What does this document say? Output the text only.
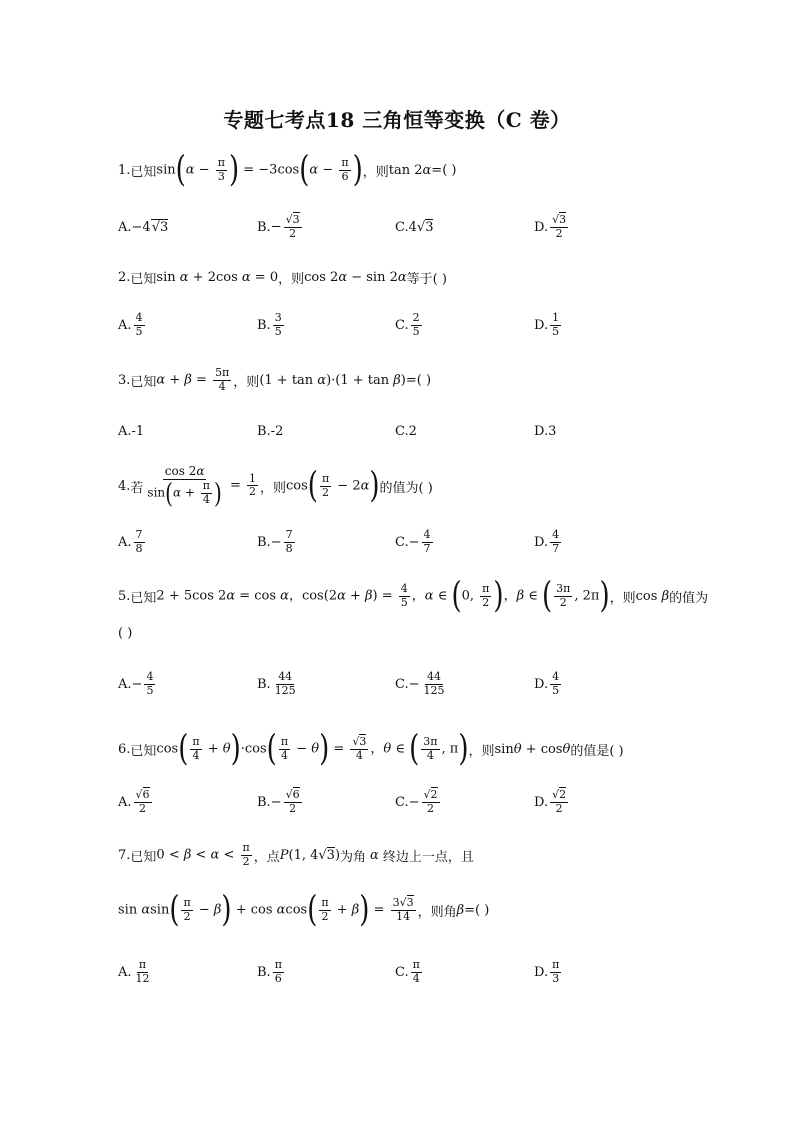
专题七考点18 三角恒等变换（C 卷）
1. 已知 $\sin(\alpha - \frac{\pi}{3}$ ) = $-3\cos(\alpha - \frac{\pi}{6}$ ) ，则 tan 2α =( )
A. −4√3	B. − $\frac{√3}{2}$	C. 4√3	D. $\frac{√3}{2}$
2. 已知 sin α + 2cos α = 0 ，则 cos 2α − sin 2α 等于( )
A. $\frac{4}{5}$	B. $\frac{3}{5}$	C. $\frac{2}{5}$	D. $\frac{1}{5}$
3. 已知 $\alpha + \beta = \frac{5\pi}{4}$ ，则 (1 + tan α)·(1 + tan β) =( )
A.-1	B.-2	C.2	D.3
4. 若 $\frac{\cos 2\alpha}{\sin(\alpha + \frac{\pi}{4} )} = \frac{1}{2}$ ，则 $\cos( \frac{\pi}{2} - 2\alpha)$ 的值为( )
A. $\frac{7}{8}$	B. − $\frac{7}{8}$	C. − $\frac{4}{7}$	D. $\frac{4}{7}$
5. 已知 2 + 5cos 2α = cos α，$\cos(2\alpha + \beta) = \frac{4}{5}$ ，α ∈ (0, $\frac{\pi}{2}$ )，β ∈ ( $\frac{3\pi}{2}$ , 2π) ，则 cos β 的值为
( )
A. − $\frac{4}{5}$	B. $\frac{44}{125}$	C. − $\frac{44}{125}$	D. $\frac{4}{5}$
6. 已知 $\cos( \frac{\pi}{4} + \theta)\cdot\cos( \frac{\pi}{4} - \theta) = \frac{√3}{4}$ ，θ ∈ ( $\frac{3\pi}{4}$ , π) ，则 sinθ + cosθ 的值是( )
A. $\frac{√6}{2}$	B. − $\frac{√6}{2}$	C. − $\frac{√2}{2}$	D. $\frac{√2}{2}$
7. 已知 $0 < \beta < \alpha < \frac{\pi}{2}$ ，点 P(1, 4√3) 为角 α 终边上一点，且
$\sin \alpha\sin( \frac{\pi}{2} - \beta) + \cos \alpha\cos( \frac{\pi}{2} + \beta) = \frac{3√3}{14}$ ，则角 β =( )
A. $\frac{\pi}{12}$	B. $\frac{\pi}{6}$	C. $\frac{\pi}{4}$	D. $\frac{\pi}{3}$
